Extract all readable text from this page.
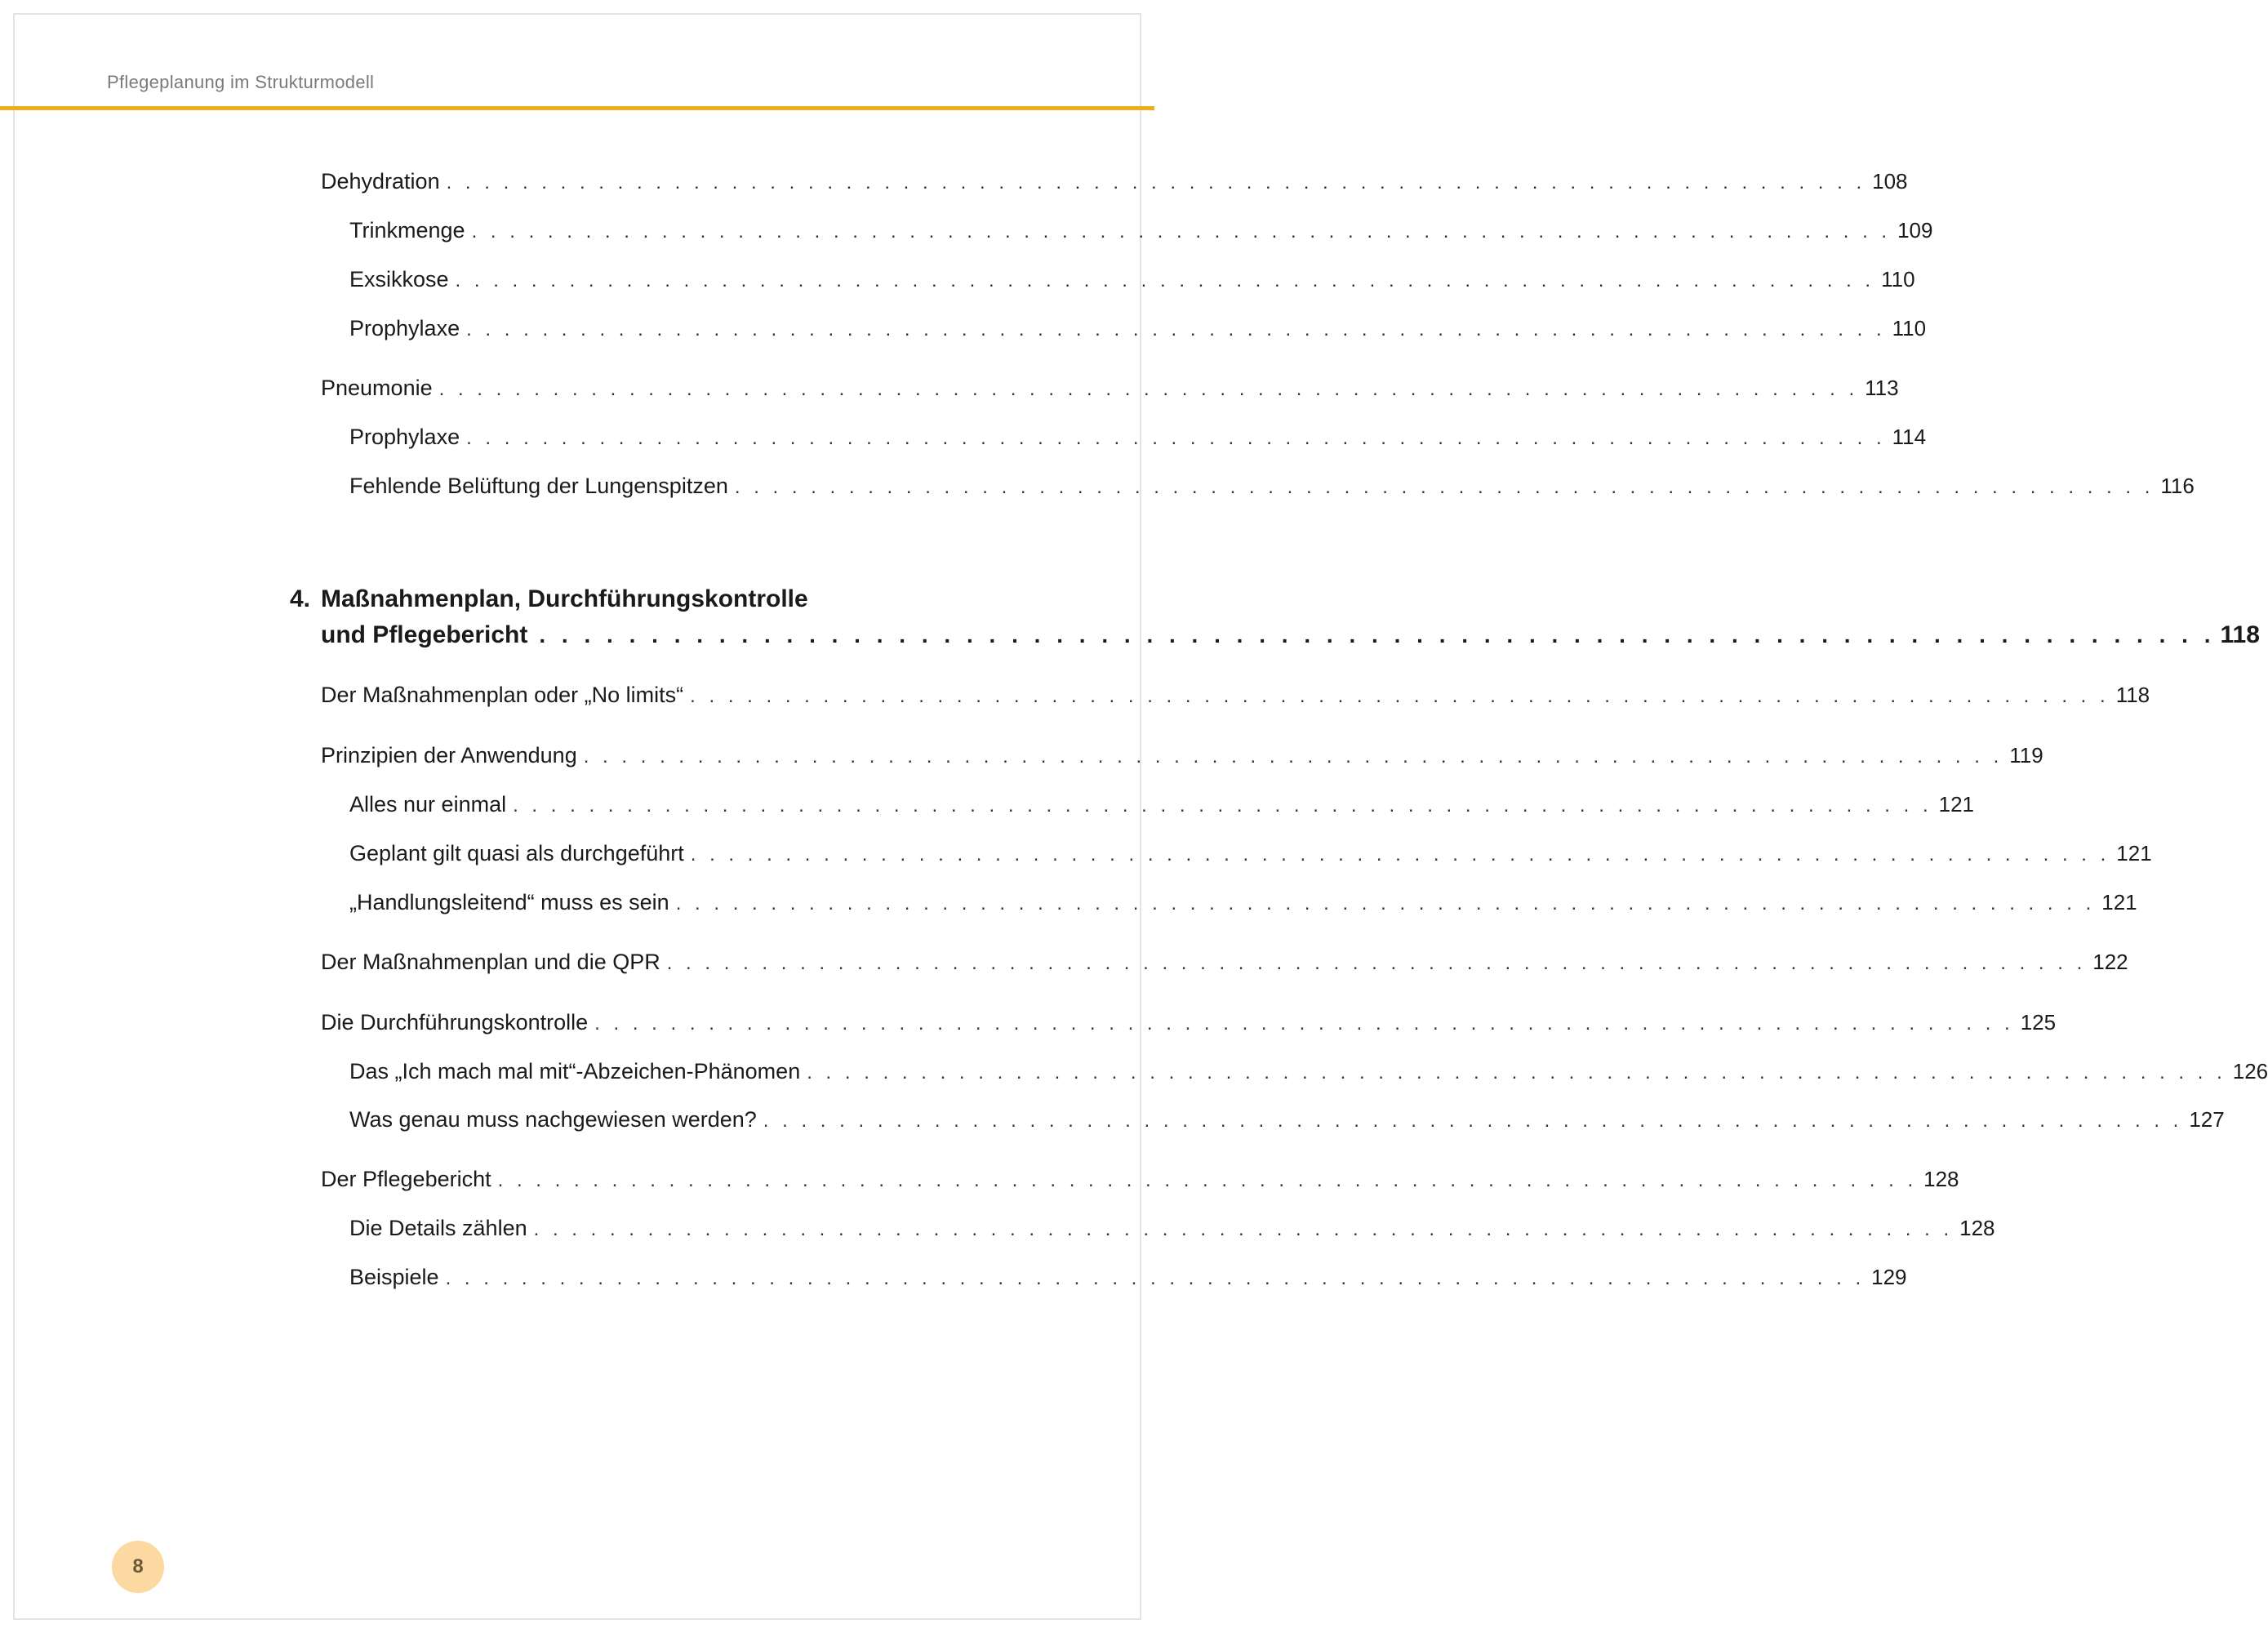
Pflegeplanung im Strukturmodell
Dehydration . . . . . . . . . . . . . . . . . . . . . . . . . . . . . . . . . . . . . . . . . . . . . . . . . . . . . . . . . . . . . . . . . . . . . . . . . . . 108
Trinkmenge . . . . . . . . . . . . . . . . . . . . . . . . . . . . . . . . . . . . . . . . . . . . . . . . . . . . . . . . . . . . . . . . . . . . . . . . . . . 109
Exsikkose . . . . . . . . . . . . . . . . . . . . . . . . . . . . . . . . . . . . . . . . . . . . . . . . . . . . . . . . . . . . . . . . . . . . . . . . . . . 110
Prophylaxe . . . . . . . . . . . . . . . . . . . . . . . . . . . . . . . . . . . . . . . . . . . . . . . . . . . . . . . . . . . . . . . . . . . . . . . . . . . 110
Pneumonie . . . . . . . . . . . . . . . . . . . . . . . . . . . . . . . . . . . . . . . . . . . . . . . . . . . . . . . . . . . . . . . . . . . . . . . . . . . 113
Prophylaxe . . . . . . . . . . . . . . . . . . . . . . . . . . . . . . . . . . . . . . . . . . . . . . . . . . . . . . . . . . . . . . . . . . . . . . . . . . . 114
Fehlende Belüftung der Lungenspitzen . . . . . . . . . . . . . . . . . . . . . . . . . . . . . . . . . . . . . . . . . . . . . . . . . . . . . . . . . . . . . . . . . . . . . . . . . . . 116
4. Maßnahmenplan, Durchführungskontrolle
und Pflegebericht . . . . . . . . . . . . . . . . . . . . . . . . . . . . . . . . . . . . . . . . . . . . . . . . . . . . . . . . . . . . . . . . . . . . . . . . . . . 118
Der Maßnahmenplan oder „No limits“ . . . . . . . . . . . . . . . . . . . . . . . . . . . . . . . . . . . . . . . . . . . . . . . . . . . . . . . . . . . . . . . . . . . . . . . . . . . 118
Prinzipien der Anwendung . . . . . . . . . . . . . . . . . . . . . . . . . . . . . . . . . . . . . . . . . . . . . . . . . . . . . . . . . . . . . . . . . . . . . . . . . . . 119
Alles nur einmal . . . . . . . . . . . . . . . . . . . . . . . . . . . . . . . . . . . . . . . . . . . . . . . . . . . . . . . . . . . . . . . . . . . . . . . . . . . 121
Geplant gilt quasi als durchgeführt . . . . . . . . . . . . . . . . . . . . . . . . . . . . . . . . . . . . . . . . . . . . . . . . . . . . . . . . . . . . . . . . . . . . . . . . . . . 121
„Handlungsleitend“ muss es sein . . . . . . . . . . . . . . . . . . . . . . . . . . . . . . . . . . . . . . . . . . . . . . . . . . . . . . . . . . . . . . . . . . . . . . . . . . . 121
Der Maßnahmenplan und die QPR . . . . . . . . . . . . . . . . . . . . . . . . . . . . . . . . . . . . . . . . . . . . . . . . . . . . . . . . . . . . . . . . . . . . . . . . . . . 122
Die Durchführungskontrolle . . . . . . . . . . . . . . . . . . . . . . . . . . . . . . . . . . . . . . . . . . . . . . . . . . . . . . . . . . . . . . . . . . . . . . . . . . . 125
Das „Ich mach mal mit“-Abzeichen-Phänomen . . . . . . . . . . . . . . . . . . . . . . . . . . . . . . . . . . . . . . . . . . . . . . . . . . . . . . . . . . . . . . . . . . . . . . . . . . . 126
Was genau muss nachgewiesen werden? . . . . . . . . . . . . . . . . . . . . . . . . . . . . . . . . . . . . . . . . . . . . . . . . . . . . . . . . . . . . . . . . . . . . . . . . . . . 127
Der Pflegebericht . . . . . . . . . . . . . . . . . . . . . . . . . . . . . . . . . . . . . . . . . . . . . . . . . . . . . . . . . . . . . . . . . . . . . . . . . . . 128
Die Details zählen . . . . . . . . . . . . . . . . . . . . . . . . . . . . . . . . . . . . . . . . . . . . . . . . . . . . . . . . . . . . . . . . . . . . . . . . . . . 128
Beispiele . . . . . . . . . . . . . . . . . . . . . . . . . . . . . . . . . . . . . . . . . . . . . . . . . . . . . . . . . . . . . . . . . . . . . . . . . . . 129
8
